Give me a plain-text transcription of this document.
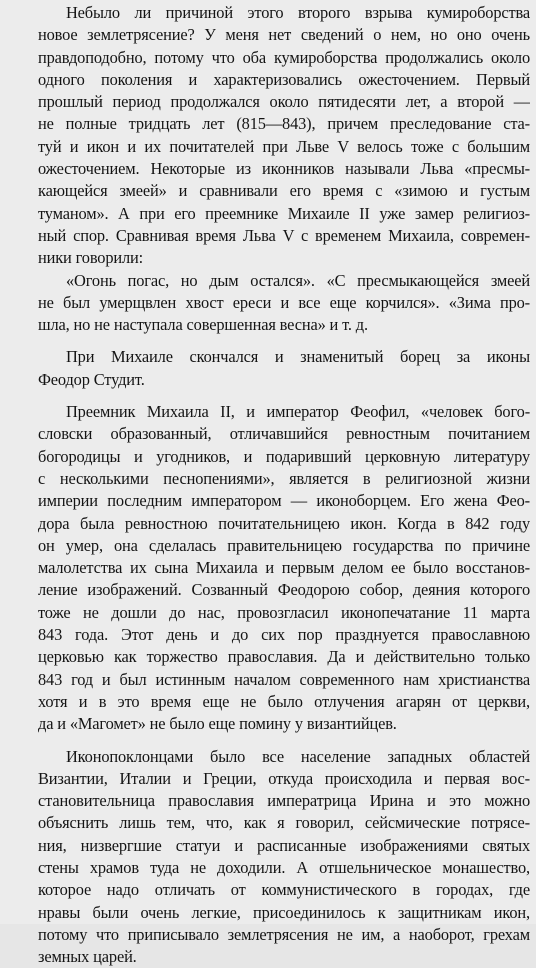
Небыло ли причиной этого второго взрыва кумироборства
новое землетрясение? У меня нет сведений о нем, но оно очень
правдоподобно, потому что оба кумироборства продолжались около
одного поколения и характеризовались ожесточением. Первый
прошлый период продолжался около пятидесяти лет, а второй —
не полные тридцать лет (815—843), причем преследование ста-
туй и икон и их почитателей при Льве V велось тоже с большим
ожесточением. Некоторые из иконников называли Льва «пресмы-
кающейся змеей» и сравнивали его время с «зимою и густым
туманом». А при его преемнике Михаиле II уже замер религиоз-
ный спор. Сравнивая время Льва V с временем Михаила, современ-
ники говорили:
«Огонь погас, но дым остался». «С пресмыкающейся змеей
не был умерщвлен хвост ереси и все еще корчился». «Зима про-
шла, но не наступала совершенная весна» и т. д.
При Михаиле скончался и знаменитый борец за иконы
Феодор Студит.
Преемник Михаила II, и император Феофил, «человек бого-
словски образованный, отличавшийся ревностным почитанием
богородицы и угодников, и подаривший церковную литературу
с несколькими песнопениями», является в религиозной жизни
империи последним императором — иконоборцем. Его жена Фео-
дора была ревностною почитательницею икон. Когда в 842 году
он умер, она сделалась правительницею государства по причине
малолетства их сына Михаила и первым делом ее было восстанов-
ление изображений. Созванный Феодорою собор, деяния которого
тоже не дошли до нас, провозгласил иконопечатание 11 марта
843 года. Этот день и до сих пор празднуется православною
церковью как торжество православия. Да и действительно только
843 год и был истинным началом современного нам христианства
хотя и в это время еще не было отлучения агарян от церкви,
да и «Магомет» не было еще помину у византийцев.
Иконопоклонцами было все население западных областей
Византии, Италии и Греции, откуда происходила и первая вос-
становительница православия императрица Ирина и это можно
объяснить лишь тем, что, как я говорил, сейсмические потрясе-
ния, низвергшие статуи и расписанные изображениями святых
стены храмов туда не доходили. А отшельническое монашество,
которое надо отличать от коммунистического в городах, где
нравы были очень легкие, присоединилось к защитникам икон,
потому что приписывало землетрясения не им, а наоборот, грехам
земных царей.
